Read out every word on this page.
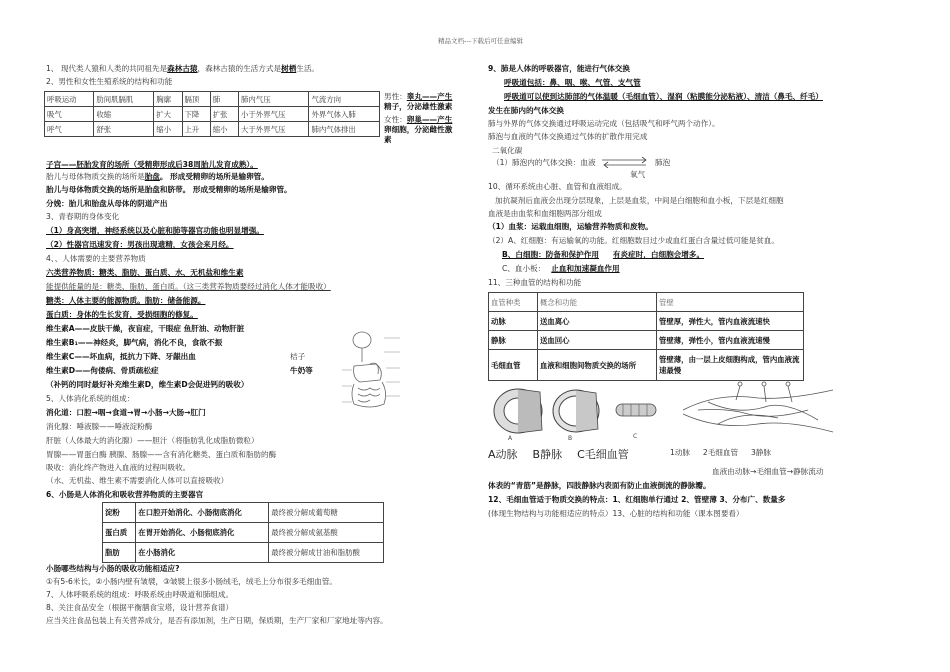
精品文档---下载后可任意编辑
1、 现代类人猿和人类的共同祖先是森林古猿，森林古猿的生活方式是树栖生活。
2、男性和女性生殖系统的结构和功能
呼吸运动	肋间肌膈肌	胸廓	膈顶	肺	肺内气压	气流方向
吸气	收缩	扩大	下降	扩张	小于外界气压	外界气体入肺
呼气	舒张	缩小	上升	缩小	大于外界气压	肺内气体排出
男性：睾丸——产生
精子，分泌雄性激素
女性：卵巢——产生
卵细胞，分泌雌性激
素
子宫——胚胎发育的场所（受精卵形成后38周胎儿发育成熟）。
胎儿与母体物质交换的场所是胎盘。 形成受精卵的场所是输卵管。
胎儿与母体物质交换的场所是胎盘和脐带。 形成受精卵的场所是输卵管。
分娩：胎儿和胎盘从母体的阴道产出
3、青春期的身体变化
（1）身高突增，神经系统以及心脏和肺等器官功能也明显增强。
（2）性器官迅速发育：男孩出现遗精，女孩会来月经。
4、、人体需要的主要营养物质
六类营养物质：糖类、脂肪、蛋白质、水、无机盐和维生素
能提供能量的是：糖类、脂肪、蛋白质。（这三类营养物质要经过消化人体才能吸收）
糖类：人体主要的能源物质。脂肪：储备能源。
蛋白质：身体的生长发育，受损细胞的修复。
维生素A——皮肤干燥，夜盲症，干眼症 鱼肝油、动物肝脏
维生素B₁——神经炎，脚气病，消化不良，食欲不振
维生素C——坏血病，抵抗力下降、牙龈出血
维生素D——佝偻病、骨质疏松症
（补钙的同时最好补充维生素D，维生素D会促进钙的吸收）
桔子
牛奶等
5、人体消化系统的组成：
消化道：口腔→咽→食道→胃→小肠→大肠→肛门
消化腺：唾液腺——唾液淀粉酶
肝脏（人体最大的消化腺）——胆汁（将脂肪乳化成脂肪微粒）
胃腺——胃蛋白酶 胰腺、肠腺——含有消化糖类、蛋白质和脂肪的酶
吸收：消化终产物进入血液的过程叫吸收。
（水、无机盐、维生素不需要消化人体可以直接吸收）
6、小肠是人体消化和吸收营养物质的主要器官
淀粉	在口腔开始消化、小肠彻底消化	最终被分解成葡萄糖
蛋白质	在胃开始消化、小肠彻底消化	最终被分解成氨基酸
脂肪	在小肠消化	最终被分解成甘油和脂肪酸
小肠哪些结构与小肠的吸收功能相适应?
①有5-6米长，②小肠内壁有皱襞，③皱襞上很多小肠绒毛，绒毛上分布很多毛细血管。
7、人体呼吸系统的组成：呼吸系统由呼吸道和肺组成。
8、关注食品安全（根据平衡膳食宝塔，设计营养食谱）
应当关注食品包装上有关营养成分，是否有添加剂，生产日期，保质期，生产厂家和厂家地址等内容。
9、肺是人体的呼吸器官，能进行气体交换
呼吸道包括：鼻、咽、喉、气管、支气管
呼吸道可以使到达肺部的气体温暖（毛细血管）、湿润（粘膜能分泌粘液）、清洁（鼻毛、纤毛）
发生在肺内的气体交换
肺与外界的气体交换通过呼吸运动完成（包括吸气和呼气两个动作）。
肺泡与血液的气体交换通过气体的扩散作用完成
二氧化碳
（1）肺泡内的气体交换：血液	肺泡
氧气
10、循环系统由心脏、血管和血液组成。
加抗凝剂后血液会出现分层现象，上层是血浆，中间是白细胞和血小板，下层是红细胞
血液是由血浆和血细胞两部分组成
（1）血浆：运载血细胞，运输营养物质和废物。
（2）A、红细胞：有运输氧的功能。红细胞数目过少或血红蛋白含量过低可能是贫血。
B、白细胞：防备和保护作用 有炎症时，白细胞会增多。
C、血小板： 止血和加速凝血作用
11、三种血管的结构和功能
血管种类	概念和功能	管壁
动脉	送血离心	管壁厚，弹性大，管内血液流速快
静脉	送血回心	管壁薄，弹性小，管内血液流速慢
毛细血管	血液和细胞间物质交换的场所	管壁薄，由一层上皮细胞构成，管内血液流速最慢
A	B	C
A动脉 B静脉 C毛细血管	1动脉 2毛细血管 3静脉
血液由动脉→毛细血管→静脉流动
体表的“青筋”是静脉，四肢静脉内表面有防止血液倒流的静脉瓣。
12、毛细血管适于物质交换的特点：1、红细胞单行通过 2、管壁薄 3、分布广、数量多
(体现生物结构与功能相适应的特点）13、心脏的结构和功能（课本图要看）
